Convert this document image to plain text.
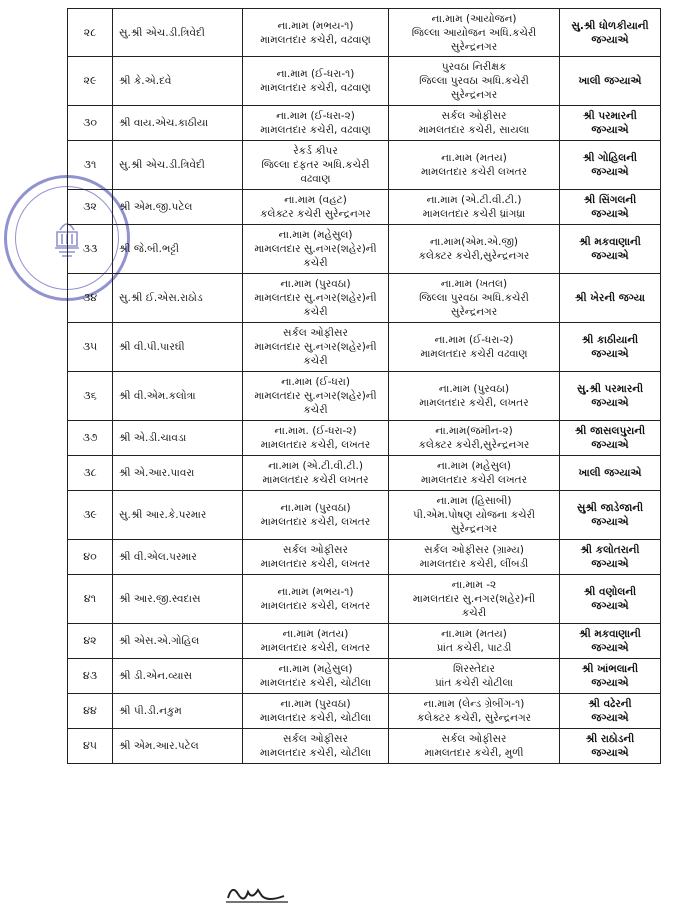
૨૮	સુ.શ્રી એચ.ડી.ત્રિવેદી	ના.મામ (મભય-૧)
મામલતદાર કચેરી, વઢવાણ	ના.મામ (આયોજન)
જિલ્લા આયોજન અધિ.કચેરી
સુરેન્દ્રનગર	સુ.શ્રી ધોળકીયાની
જગ્યાએ

૨૯	શ્રી કે.એ.દવે	ના.મામ (ઈ-ધરા-૧)
મામલતદાર કચેરી, વઢવાણ	પુરવઠા નિરીક્ષક
જિલ્લા પુરવઠા અધિ.કચેરી
સુરેન્દ્રનગર	ખાલી જગ્યાએ

૩૦	શ્રી વાય.એચ.કાઠીયા	ના.મામ (ઈ-ધરા-૨)
મામલતદાર કચેરી, વઢવાણ	સર્કલ ઓફીસર
મામલતદાર કચેરી, સાયલા	શ્રી પરમારની
જગ્યાએ

૩૧	સુ.શ્રી એચ.ડી.ત્રિવેદી	રેકર્ડ કીપર
જિલ્લા દફતર અધિ.કચેરી
વઢવાણ	ના.મામ (મતય)
મામલતદાર કચેરી લખતર	શ્રી ગોહિલની
જગ્યાએ

૩૨	શ્રી એમ.જી.પટેલ	ના.મામ (વહટ)
કલેક્ટર કચેરી સુરેન્દ્રનગર	ના.મામ (એ.ટી.વી.ટી.)
મામલતદાર કચેરી ધ્રાંગધ્રા	શ્રી સિંગલની
જગ્યાએ

૩૩	શ્રી જે.બી.ભટ્ટી	ના.મામ (મહેસુલ)
મામલતદાર સુ.નગર(શહેર)ની
કચેરી	ના.મામ(એમ.એ.જી)
કલેક્ટર કચેરી,સુરેન્દ્રનગર	શ્રી મકવાણાની
જગ્યાએ

૩૪	સુ.શ્રી ઈ.એસ.રાઠોડ	ના.મામ (પુરવઠા)
મામલતદાર સુ.નગર(શહેર)ની
કચેરી	ના.મામ (ખતલ)
જિલ્લા પુરવઠા અધિ.કચેરી
સુરેન્દ્રનગર	શ્રી ખેરની જગ્યા

૩૫	શ્રી વી.પી.પારઘી	સર્કલ ઓફીસર
મામલતદાર સુ.નગર(શહેર)ની
કચેરી	ના.મામ (ઈ-ધરા-૨)
મામલતદાર કચેરી વઢવાણ	શ્રી કાઠીયાની
જગ્યાએ

૩૬	શ્રી વી.એમ.કલોત્રા	ના.મામ (ઈ-ધરા)
મામલતદાર સુ.નગર(શહેર)ની
કચેરી	ના.મામ (પુરવઠા)
મામલતદાર કચેરી, લખતર	સુ.શ્રી પરમારની
જગ્યાએ

૩૭	શ્રી એ.ડી.ચાવડા	ના.મામ. (ઈ-ધરા-૨)
મામલતદાર કચેરી, લખતર	ના.મામ(જમીન-૨)
કલેક્ટર કચેરી,સુરેન્દ્રનગર	શ્રી જાસલપુરાની
જગ્યાએ

૩૮	શ્રી એ.આર.પાવરા	ના.મામ (એ.ટી.વી.ટી.)
મામલતદાર કચેરી લખતર	ના.મામ (મહેસુલ)
મામલતદાર કચેરી લખતર	ખાલી જગ્યાએ

૩૯	સુ.શ્રી આર.કે.પરમાર	ના.મામ (પુરવઠા)
મામલતદાર કચેરી, લખતર	ના.મામ (હિસાબી)
પી.એમ.પોષણ યોજના કચેરી
સુરેન્દ્રનગર	સુશ્રી જાડેજાની
જગ્યાએ

૪૦	શ્રી વી.એલ.પરમાર	સર્કલ ઓફીસર
મામલતદાર કચેરી, લખતર	સર્કલ ઓફીસર (ગ્રામ્ય)
મામલતદાર કચેરી, લીંબડી	શ્રી કલોતરાની
જગ્યાએ

૪૧	શ્રી આર.જી.સ્વદાસ	ના.મામ (મભય-૧)
મામલતદાર કચેરી, લખતર	ના.મામ -૨
મામલતદાર સુ.નગર(શહેર)ની
કચેરી	શ્રી વણોલની
જગ્યાએ

૪૨	શ્રી એસ.એ.ગોહિલ	ના.મામ (મતય)
મામલતદાર કચેરી, લખતર	ના.મામ (મતય)
પ્રાંત કચેરી, પાટડી	શ્રી મકવાણાની
જગ્યાએ

૪૩	શ્રી ડી.એન.વ્યાસ	ના.મામ (મહેસુલ)
મામલતદાર કચેરી, ચોટીલા	શિરસ્તેદાર
પ્રાંત કચેરી ચોટીલા	શ્રી ખાંભલાની
જગ્યાએ

૪૪	શ્રી પી.ડી.નકુમ	ના.મામ (પુરવઠા)
મામલતદાર કચેરી, ચોટીલા	ના.મામ (લેન્ડ ગ્રેબીંગ-૧)
કલેક્ટર કચેરી, સુરેન્દ્રનગર	શ્રી વઢેરની
જગ્યાએ

૪૫	શ્રી એમ.આર.પટેલ	સર્કલ ઓફીસર
મામલતદાર કચેરી, ચોટીલા	સર્કલ ઓફીસર
મામલતદાર કચેરી, મુળી	શ્રી રાઠોડની
જગ્યાએ
